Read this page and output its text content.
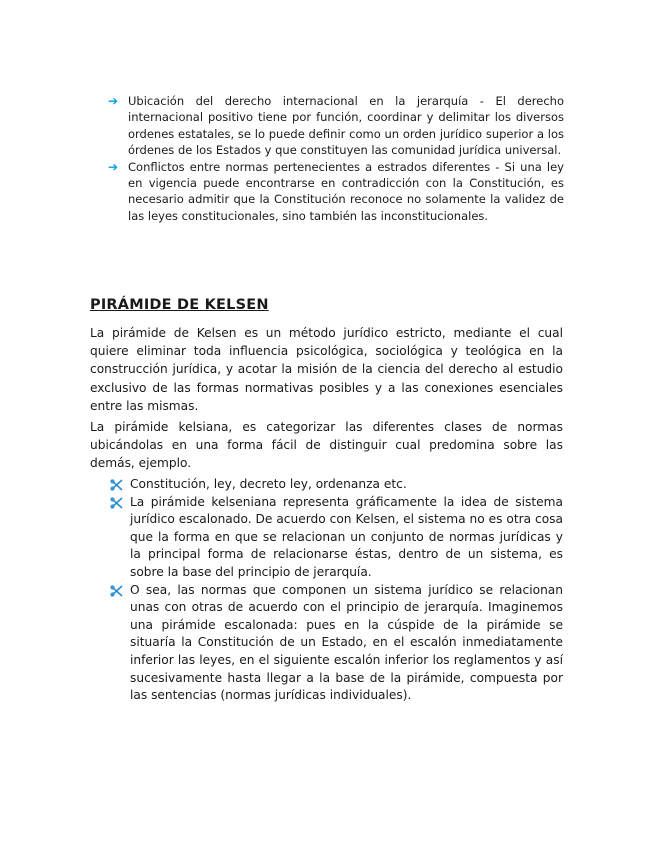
➔ Ubicación del derecho internacional en la jerarquía - El derecho internacional positivo tiene por función, coordinar y delimitar los diversos ordenes estatales, se lo puede definir como un orden jurídico superior a los órdenes de los Estados y que constituyen las comunidad jurídica universal.
➔ Conflictos entre normas pertenecientes a estrados diferentes - Si una ley en vigencia puede encontrarse en contradicción con la Constitución, es necesario admitir que la Constitución reconoce no solamente la validez de las leyes constitucionales, sino también las inconstitucionales.
PIRÁMIDE DE KELSEN

La pirámide de Kelsen es un método jurídico estricto, mediante el cual quiere eliminar toda influencia psicológica, sociológica y teológica en la construcción jurídica, y acotar la misión de la ciencia del derecho al estudio exclusivo de las formas normativas posibles y a las conexiones esenciales entre las mismas.

La pirámide kelsiana, es categorizar las diferentes clases de normas ubicándolas en una forma fácil de distinguir cual predomina sobre las demás, ejemplo.

Constitución, ley, decreto ley, ordenanza etc.
La pirámide kelseniana representa gráficamente la idea de sistema jurídico escalonado. De acuerdo con Kelsen, el sistema no es otra cosa que la forma en que se relacionan un conjunto de normas jurídicas y la principal forma de relacionarse éstas, dentro de un sistema, es sobre la base del principio de jerarquía.
O sea, las normas que componen un sistema jurídico se relacionan unas con otras de acuerdo con el principio de jerarquía. Imaginemos una pirámide escalonada: pues en la cúspide de la pirámide se situaría la Constitución de un Estado, en el escalón inmediatamente inferior las leyes, en el siguiente escalón inferior los reglamentos y así sucesivamente hasta llegar a la base de la pirámide, compuesta por las sentencias (normas jurídicas individuales).
